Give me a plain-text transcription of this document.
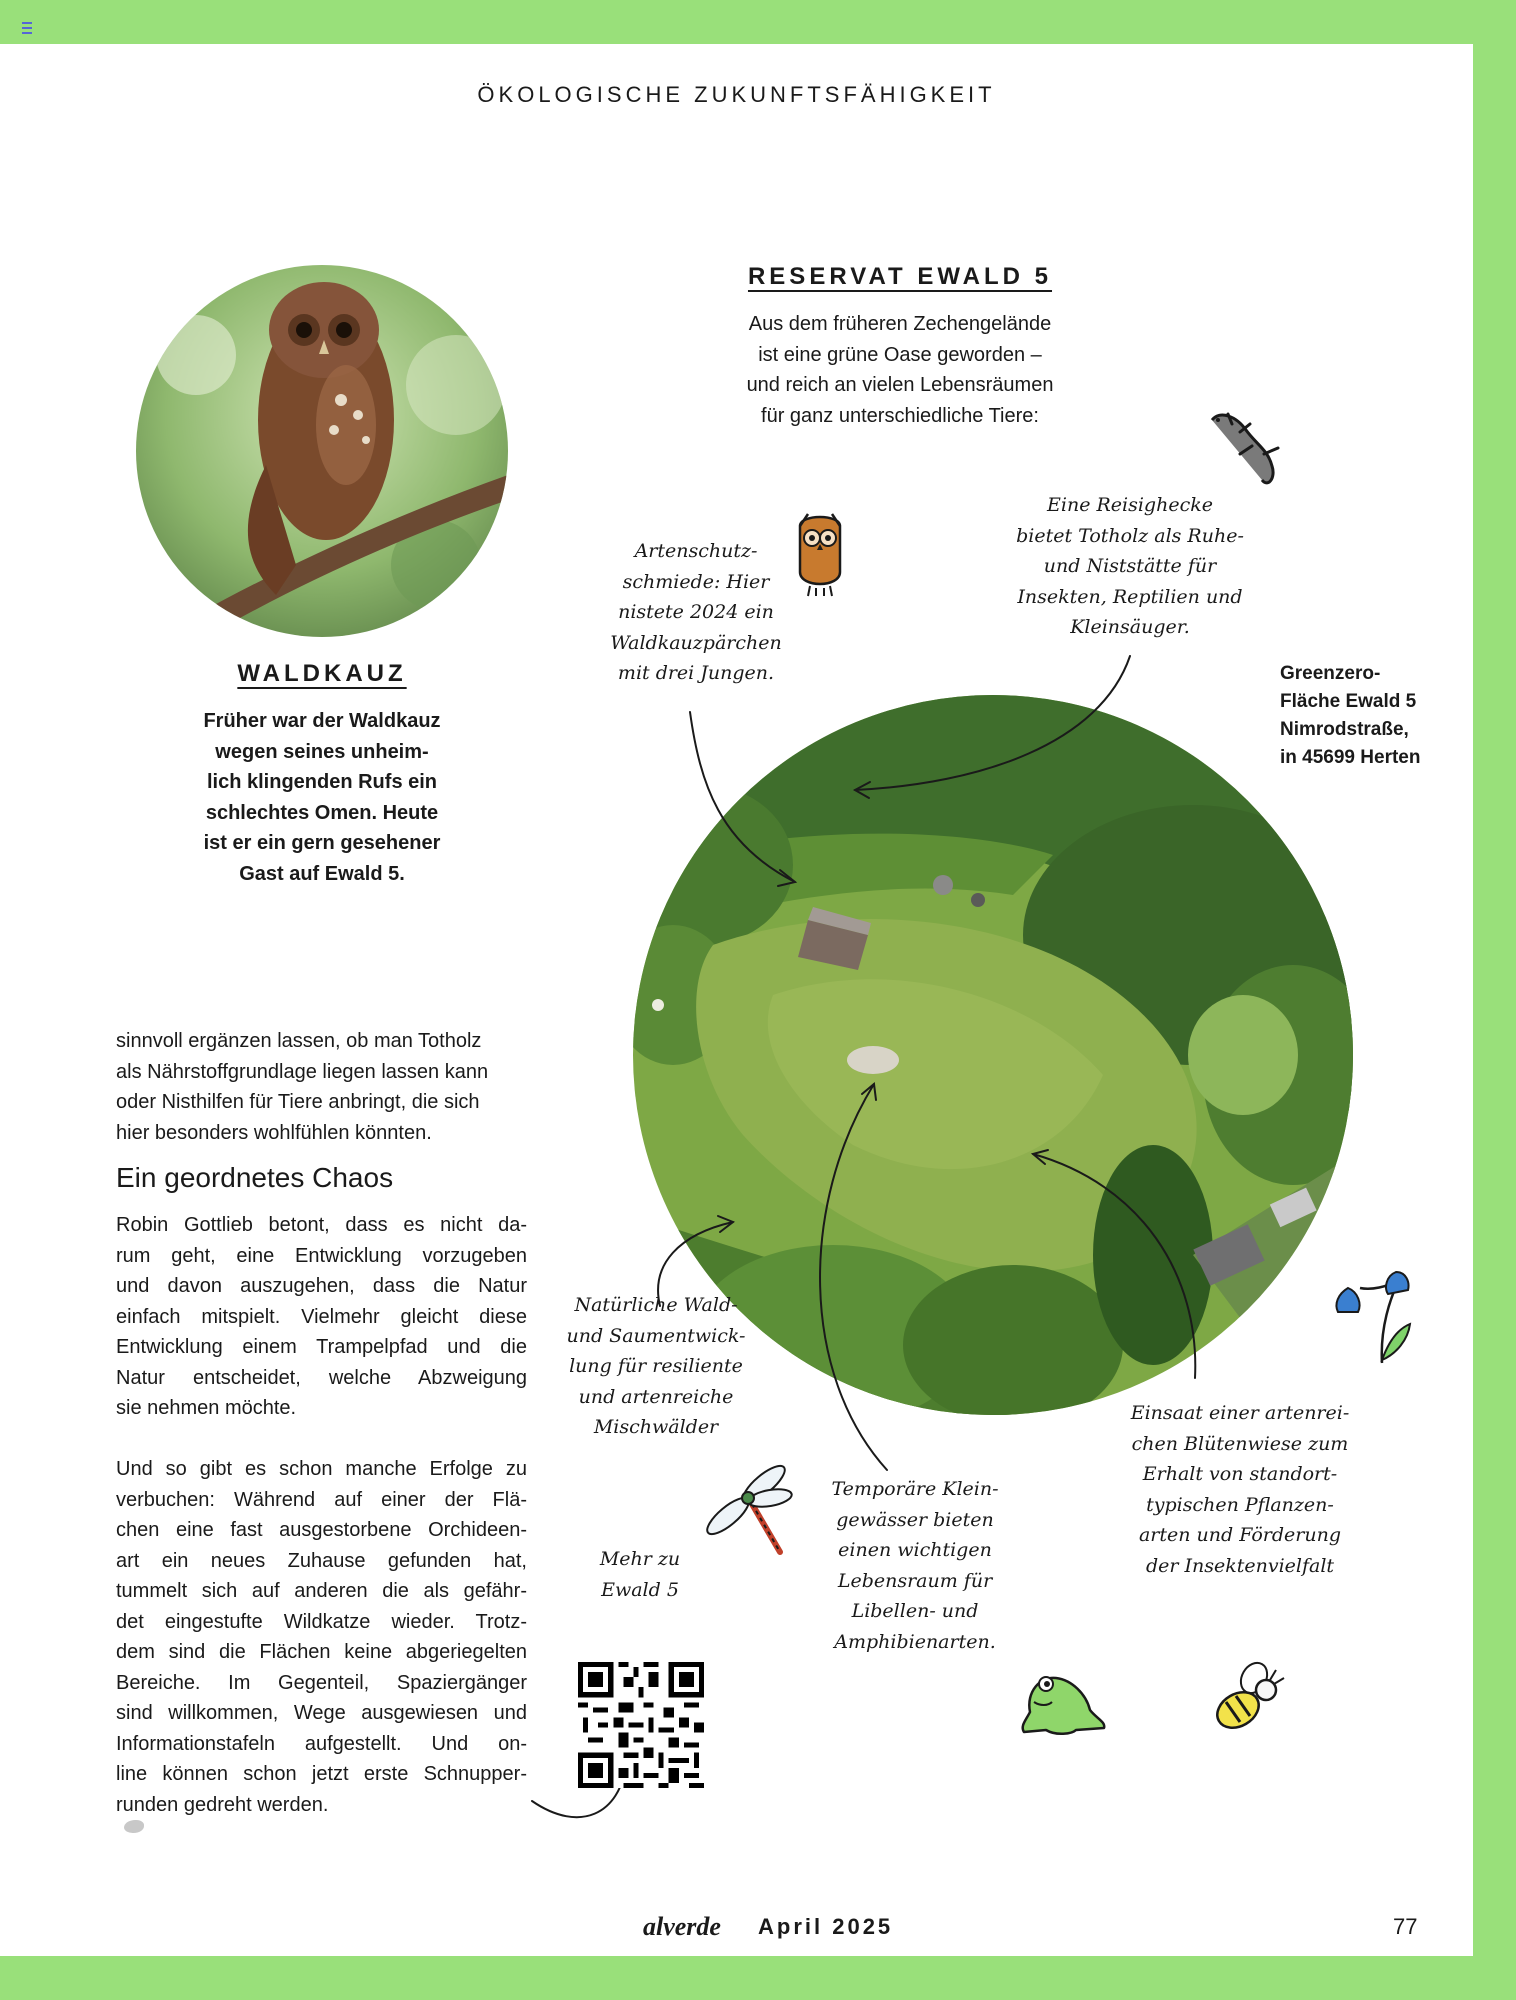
ÖKOLOGISCHE ZUKUNFTSFÄHIGKEIT
WALDKAUZ

Früher war der Waldkauz
wegen seines unheim-
lich klingenden Rufs ein
schlechtes Omen. Heute
ist er ein gern gesehener
Gast auf Ewald 5.

RESERVAT EWALD 5

Aus dem früheren Zechengelände
ist eine grüne Oase geworden –
und reich an vielen Lebensräumen
für ganz unterschiedliche Tiere:

sinnvoll ergänzen lassen, ob man Totholz
als Nährstoffgrundlage liegen lassen kann
oder Nisthilfen für Tiere anbringt, die sich
hier besonders wohlfühlen könnten.

Ein geordnetes Chaos

Robin Gottlieb betont, dass es nicht da-
rum geht, eine Entwicklung vorzugeben
und davon auszugehen, dass die Natur
einfach mitspielt. Vielmehr gleicht diese
Entwicklung einem Trampelpfad und die
Natur entscheidet, welche Abzweigung
sie nehmen möchte.

Und so gibt es schon manche Erfolge zu
verbuchen: Während auf einer der Flä-
chen eine fast ausgestorbene Orchideen-
art ein neues Zuhause gefunden hat,
tummelt sich auf anderen die als gefähr-
det eingestufte Wildkatze wieder. Trotz-
dem sind die Flächen keine abgeriegelten
Bereiche. Im Gegenteil, Spaziergänger
sind willkommen, Wege ausgewiesen und
Informationstafeln aufgestellt. Und on-
line können schon jetzt erste Schnupper-
runden gedreht werden.

Greenzero-
Fläche Ewald 5
Nimrodstraße,
in 45699 Herten

Artenschutz-
schmiede: Hier
nistete 2024 ein
Waldkauzpärchen
mit drei Jungen.

Eine Reisighecke
bietet Totholz als Ruhe-
und Niststätte für
Insekten, Reptilien und
Kleinsäuger.

Natürliche Wald-
und Saumentwick-
lung für resiliente
und artenreiche
Mischwälder

Temporäre Klein-
gewässer bieten
einen wichtigen
Lebensraum für
Libellen- und
Amphibienarten.

Einsaat einer artenrei-
chen Blütenwiese zum
Erhalt von standort-
typischen Pflanzen-
arten und Förderung
der Insektenvielfalt

Mehr zu
Ewald 5

alverde April 2025	77
